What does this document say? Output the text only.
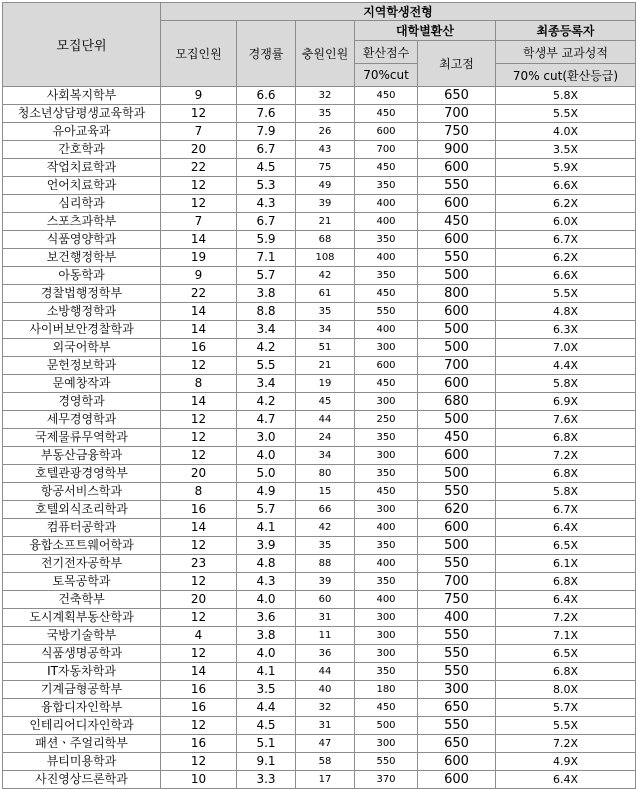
모집단위	지역학생전형					
	모집인원	경쟁률	충원인원	대학별환산		최종등록자
				환산점수	최고점	학생부 교과성적
				70%cut		70% cut(환산등급)
사회복지학부	9	6.6	32	450	650	5.8X
청소년상담평생교육학과	12	7.6	35	450	700	5.5X
유아교육과	7	7.9	26	600	750	4.0X
간호학과	20	6.7	43	700	900	3.5X
작업치료학과	22	4.5	75	450	600	5.9X
언어치료학과	12	5.3	49	350	550	6.6X
심리학과	12	4.3	39	400	600	6.2X
스포츠과학부	7	6.7	21	400	450	6.0X
식품영양학과	14	5.9	68	350	600	6.7X
보건행정학부	19	7.1	108	400	550	6.2X
아동학과	9	5.7	42	350	500	6.6X
경찰법행정학부	22	3.8	61	450	800	5.5X
소방행정학과	14	8.8	35	550	600	4.8X
사이버보안경찰학과	14	3.4	34	400	500	6.3X
외국어학부	16	4.2	51	300	500	7.0X
문헌정보학과	12	5.5	21	600	700	4.4X
문예창작과	8	3.4	19	450	600	5.8X
경영학과	14	4.2	45	300	680	6.9X
세무경영학과	12	4.7	44	250	500	7.6X
국제물류무역학과	12	3.0	24	350	450	6.8X
부동산금융학과	12	4.0	34	300	600	7.2X
호텔관광경영학부	20	5.0	80	350	500	6.8X
항공서비스학과	8	4.9	15	450	550	5.8X
호텔외식조리학과	16	5.7	66	300	620	6.7X
컴퓨터공학과	14	4.1	42	400	600	6.4X
융합소프트웨어학과	12	3.9	35	350	500	6.5X
전기전자공학부	23	4.8	88	400	550	6.1X
토목공학과	12	4.3	39	350	700	6.8X
건축학부	20	4.0	60	400	750	6.4X
도시계획부동산학과	12	3.6	31	300	400	7.2X
국방기술학부	4	3.8	11	300	550	7.1X
식품생명공학과	12	4.0	36	300	550	6.5X
IT자동차학과	14	4.1	44	350	550	6.8X
기계금형공학부	16	3.5	40	180	300	8.0X
융합디자인학부	16	4.4	32	450	650	5.7X
인테리어디자인학과	12	4.5	31	500	550	5.5X
패션ㆍ주얼리학부	16	5.1	47	300	650	7.2X
뷰티미용학과	12	9.1	58	550	600	4.9X
사진영상드론학과	10	3.3	17	370	600	6.4X
